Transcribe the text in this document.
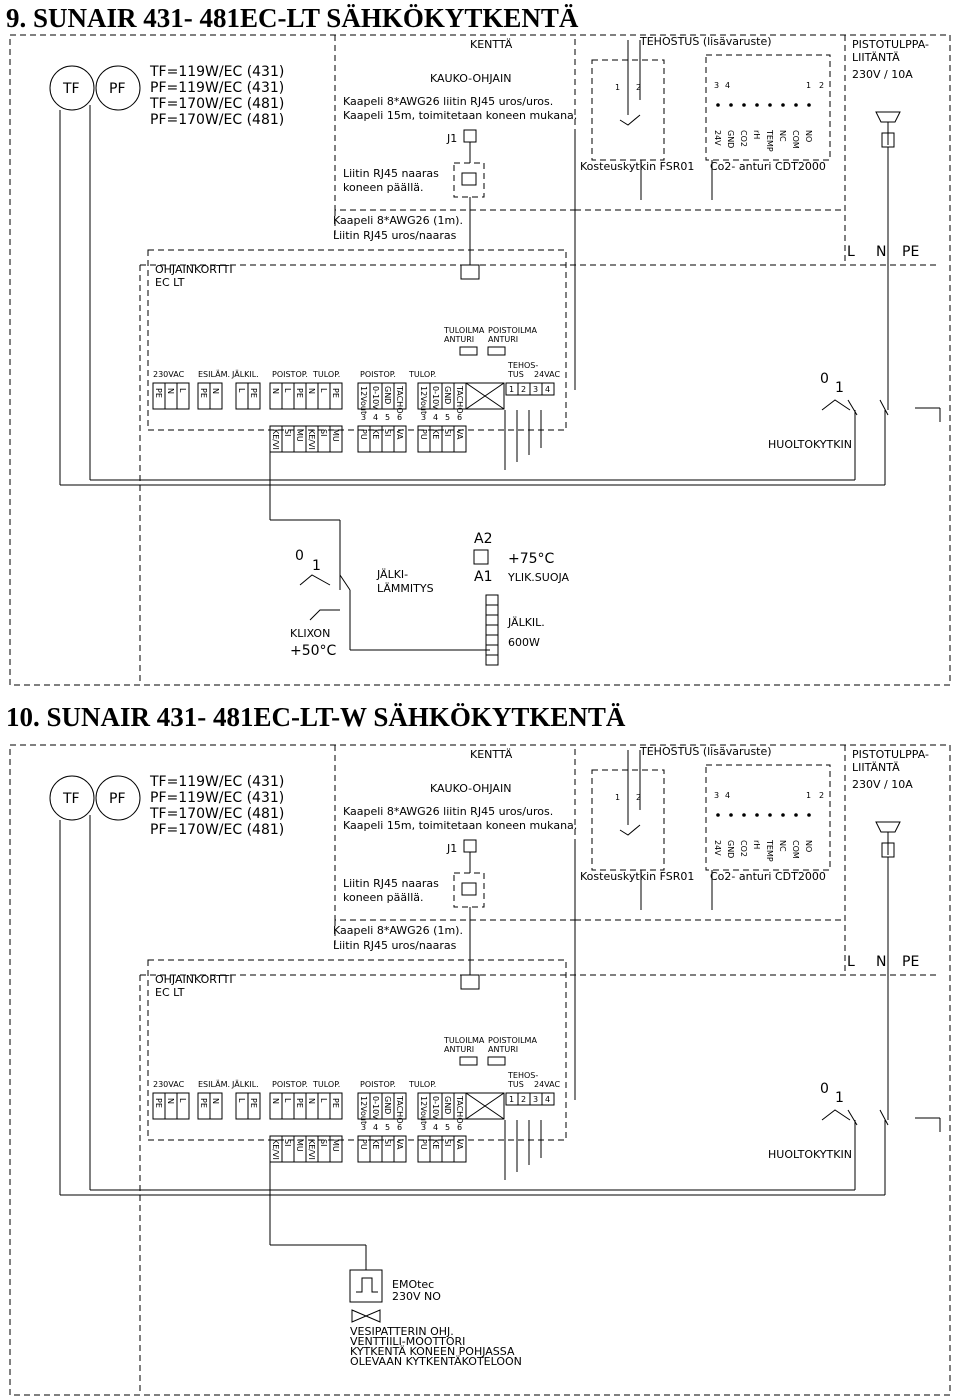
9. SUNAIR 431- 481EC-LT SÄHKÖKYTKENTÄ
TF PF
TF=119W/EC (431)
PF=119W/EC (431)
TF=170W/EC (481)
PF=170W/EC (481)
KENTTÄ
KAUKO-OHJAIN
Kaapeli 8*AWG26 liitin RJ45 uros/uros.
Kaapeli 15m, toimitetaan koneen mukana.
J1
Liitin RJ45 naaras
koneen päällä.
Kaapeli 8*AWG26 (1m).
Liitin RJ45 uros/naaras
TEHOSTUS (lisävaruste)
1 2
Kosteuskytkin FSR01
3 4	1 2
24V GND CO2 rH TEMP NC COM NO
Co2- anturi CDT2000
PISTOTULPPA-
LIITÄNTÄ
230V / 10A
L N PE
OHJAINKORTTI
EC LT
TULOILMA
ANTURI
POISTOILMA
ANTURI
TEHOS-
TUS 24VAC
230VAC ESILÄM. JÄLKIL. POISTOP. TULOP. POISTOP. TULOP.
PE N L PE N L PE N L PE N L PE 12Vout
3
0-10V
4
GND
5
TACHO
6
12Vout
3
0-10V
4
GND
5
TACHO
6
1 2 3 4
KE/VI SI MU KE/VI SI MU PU KE SI VA PU KE SI VA
0
1
HUOLTOKYTKIN
0
1
JÄLKI-
LÄMMITYS
A2
+75°C
A1 YLIK.SUOJA
JÄLKIL.
600W
KLIXON
+50°C
10. SUNAIR 431- 481EC-LT-W SÄHKÖKYTKENTÄ
TF PF
TF=119W/EC (431)
PF=119W/EC (431)
TF=170W/EC (481)
PF=170W/EC (481)
KENTTÄ
KAUKO-OHJAIN
Kaapeli 8*AWG26 liitin RJ45 uros/uros.
Kaapeli 15m, toimitetaan koneen mukana.
J1
Liitin RJ45 naaras
koneen päällä.
Kaapeli 8*AWG26 (1m).
Liitin RJ45 uros/naaras
TEHOSTUS (lisävaruste)
1 2
Kosteuskytkin FSR01
3 4	1 2
24V GND CO2 rH TEMP NC COM NO
Co2- anturi CDT2000
PISTOTULPPA-
LIITÄNTÄ
230V / 10A
L N PE
OHJAINKORTTI
EC LT
TULOILMA
ANTURI
POISTOILMA
ANTURI
TEHOS-
TUS 24VAC
230VAC ESILÄM. JÄLKIL. POISTOP. TULOP. POISTOP. TULOP.
PE N L PE N L PE N L PE N L PE 12Vout
3
0-10V
4
GND
5
TACHO
6
12Vout
3
0-10V
4
GND
5
TACHO
6
1 2 3 4
KE/VI SI MU KE/VI SI MU PU KE SI VA PU KE SI VA
0
1
HUOLTOKYTKIN
EMOtec
230V NO
VESIPATTERIN OHJ.
VENTTIILI-MOOTTORI
KYTKENTÄ KONEEN POHJASSA
OLEVAAN KYTKENTÄKOTELOON
